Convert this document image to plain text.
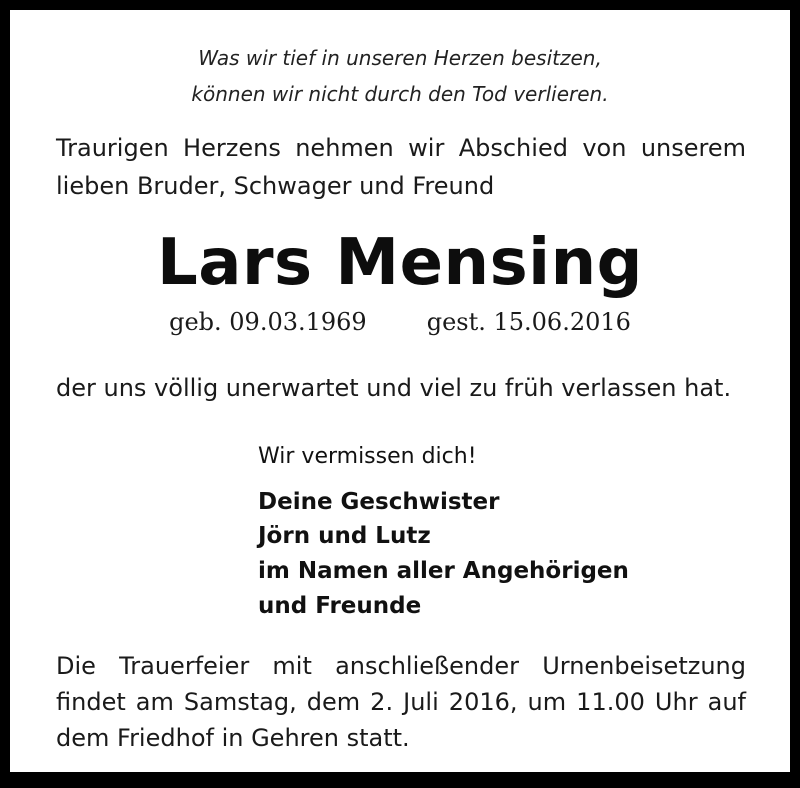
Was wir tief in unseren Herzen besitzen,

können wir nicht durch den Tod verlieren.

Traurigen Herzens nehmen wir Abschied von unserem

lieben Bruder, Schwager und Freund

Lars Mensing
geb. 09.03.1969	gest. 15.06.2016

der uns völlig unerwartet und viel zu früh verlassen hat.

Wir vermissen dich!

Deine Geschwister

Jörn und Lutz

im Namen aller Angehörigen

und Freunde

Die Trauerfeier mit anschließender Urnenbeisetzung

findet am Samstag, dem 2. Juli 2016, um 11.00 Uhr auf

dem Friedhof in Gehren statt.
